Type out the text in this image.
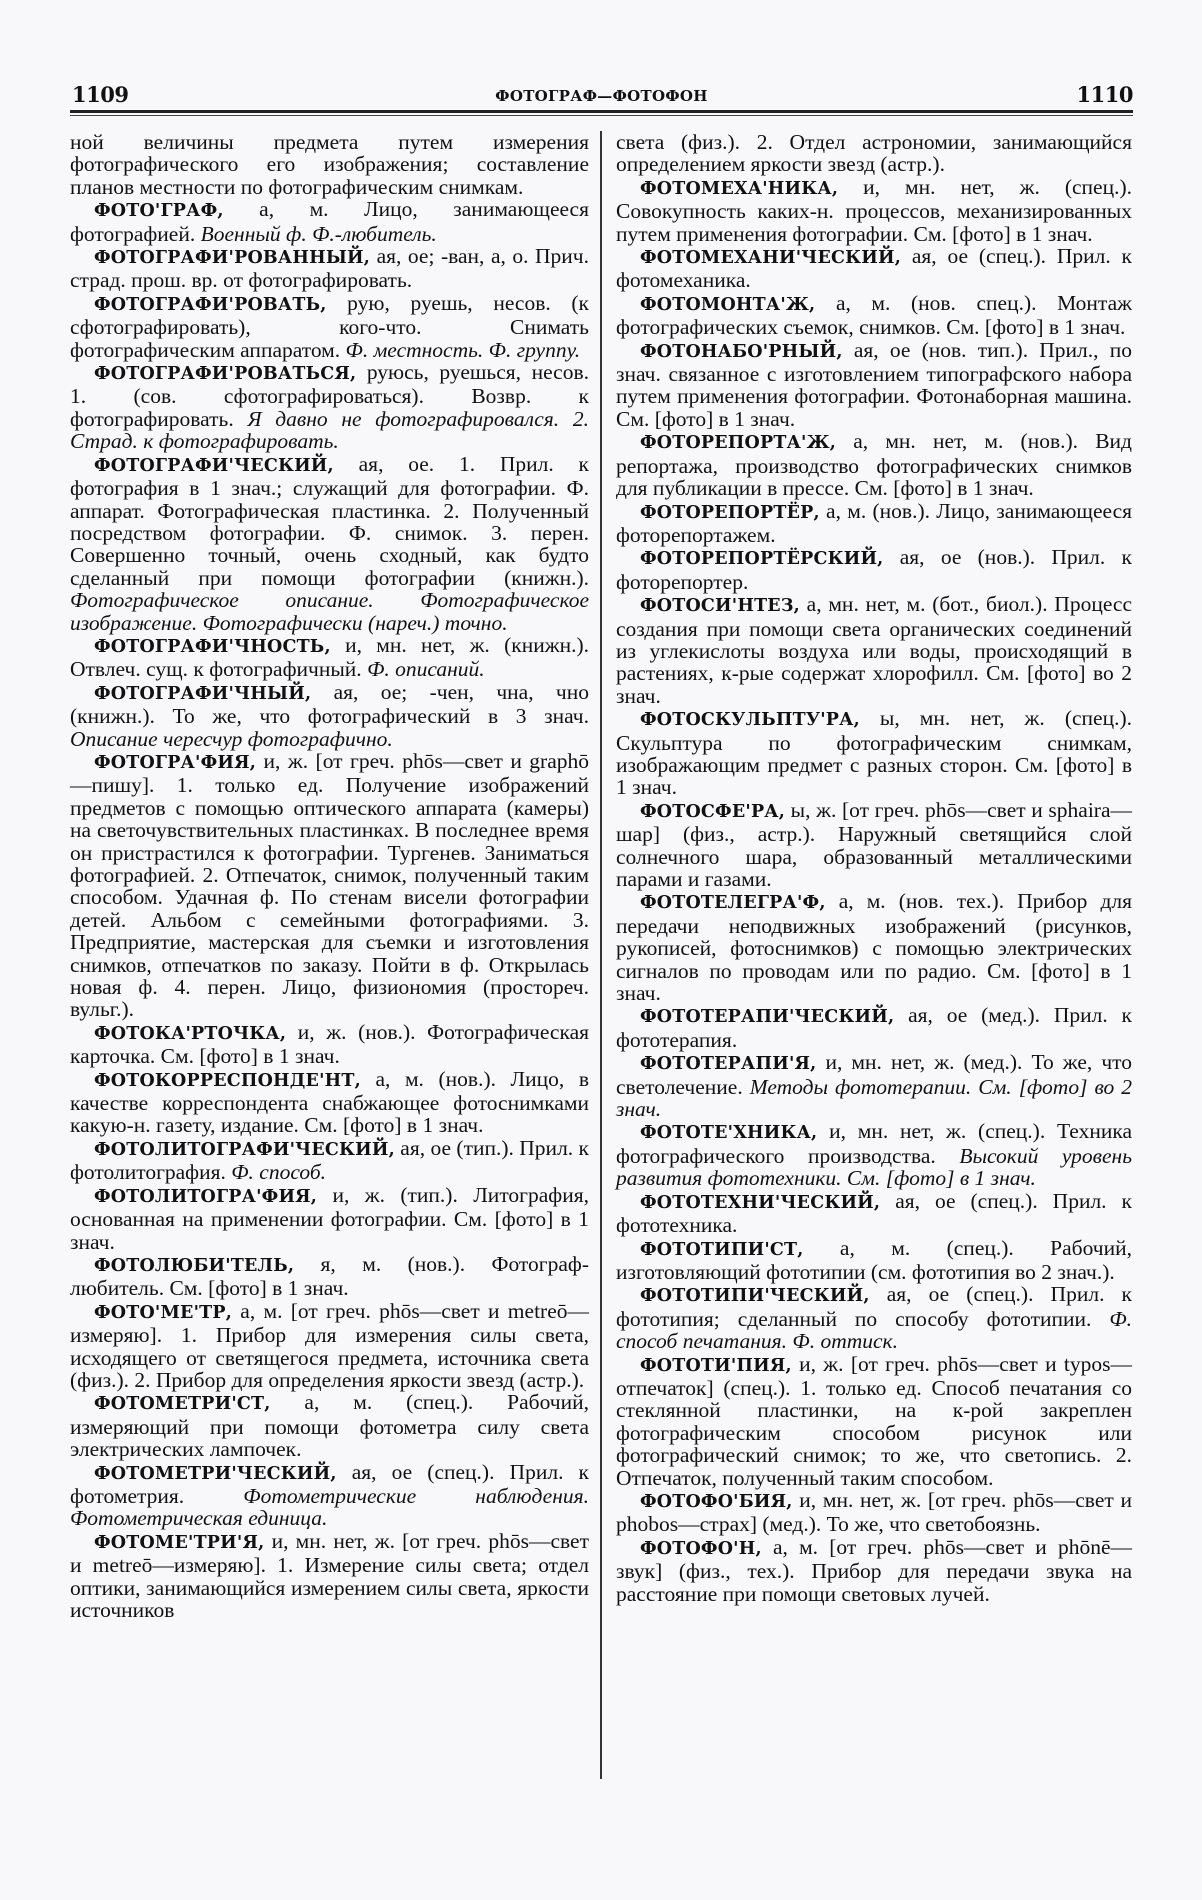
1109	ФОТОГРАФ—ФОТОФОН	1110

ной величины предмета путем измерения фотографического его изображения; составление планов местности по фотографическим снимкам.

ФОТО'ГРАФ, а, м. Лицо, занимающееся фотографией. Военный ф. Ф.-любитель.

ФОТОГРАФИ'РОВАННЫЙ, ая, ое; -ван, а, о. Прич. страд. прош. вр. от фотографировать.

ФОТОГРАФИ'РОВАТЬ, рую, руешь, несов. (к сфотографировать), кого-что. Снимать фотографическим аппаратом. Ф. местность. Ф. группу.

ФОТОГРАФИ'РОВАТЬСЯ, руюсь, руешься, несов. 1. (сов. сфотографироваться). Возвр. к фотографировать. Я давно не фотографировался. 2. Страд. к фотографировать.

ФОТОГРАФИ'ЧЕСКИЙ, ая, ое. 1. Прил. к фотография в 1 знач.; служащий для фотографии. Ф. аппарат. Фотографическая пластинка. 2. Полученный посредством фотографии. Ф. снимок. 3. перен. Совершенно точный, очень сходный, как будто сделанный при помощи фотографии (книжн.). Фотографическое описание. Фотографическое изображение. Фотографически (нареч.) точно.

ФОТОГРАФИ'ЧНОСТЬ, и, мн. нет, ж. (книжн.). Отвлеч. сущ. к фотографичный. Ф. описаний.

ФОТОГРАФИ'ЧНЫЙ, ая, ое; -чен, чна, чно (книжн.). То же, что фотографический в 3 знач. Описание чересчур фотографично.

ФОТОГРА'ФИЯ, и, ж. [от греч. phōs—свет и graphō—пишу]. 1. только ед. Получение изображений предметов с помощью оптического аппарата (камеры) на светочувствительных пластинках. В последнее время он пристрастился к фотографии. Тургенев. Заниматься фотографией. 2. Отпечаток, снимок, полученный таким способом. Удачная ф. По стенам висели фотографии детей. Альбом с семейными фотографиями. 3. Предприятие, мастерская для съемки и изготовления снимков, отпечатков по заказу. Пойти в ф. Открылась новая ф. 4. перен. Лицо, физиономия (простореч. вульг.).

ФОТОКА'РТОЧКА, и, ж. (нов.). Фотографическая карточка. См. [фото] в 1 знач.

ФОТОКОРРЕСПОНДЕ'НТ, а, м. (нов.). Лицо, в качестве корреспондента снабжающее фотоснимками какую-н. газету, издание. См. [фото] в 1 знач.

ФОТОЛИТОГРАФИ'ЧЕСКИЙ, ая, ое (тип.). Прил. к фотолитография. Ф. способ.

ФОТОЛИТОГРА'ФИЯ, и, ж. (тип.). Литография, основанная на применении фотографии. См. [фото] в 1 знач.

ФОТОЛЮБИ'ТЕЛЬ, я, м. (нов.). Фотограф-любитель. См. [фото] в 1 знач.

ФОТО'МЕ'ТР, а, м. [от греч. phōs—свет и metreō—измеряю]. 1. Прибор для измерения силы света, исходящего от светящегося предмета, источника света (физ.). 2. Прибор для определения яркости звезд (астр.).

ФОТОМЕТРИ'СТ, а, м. (спец.). Рабочий, измеряющий при помощи фотометра силу света электрических лампочек.

ФОТОМЕТРИ'ЧЕСКИЙ, ая, ое (спец.). Прил. к фотометрия. Фотометрические наблюдения. Фотометрическая единица.

ФОТОМЕ'ТРИ'Я, и, мн. нет, ж. [от греч. phōs—свет и metreō—измеряю]. 1. Измерение силы света; отдел оптики, занимающийся измерением силы света, яркости источников

света (физ.). 2. Отдел астрономии, занимающийся определением яркости звезд (астр.).

ФОТОМЕХА'НИКА, и, мн. нет, ж. (спец.). Совокупность каких-н. процессов, механизированных путем применения фотографии. См. [фото] в 1 знач.

ФОТОМЕХАНИ'ЧЕСКИЙ, ая, ое (спец.). Прил. к фотомеханика.

ФОТОМОНТА'Ж, а, м. (нов. спец.). Монтаж фотографических съемок, снимков. См. [фото] в 1 знач.

ФОТОНАБО'РНЫЙ, ая, ое (нов. тип.). Прил., по знач. связанное с изготовлением типографского набора путем применения фотографии. Фотонаборная машина. См. [фото] в 1 знач.

ФОТОРЕПОРТА'Ж, а, мн. нет, м. (нов.). Вид репортажа, производство фотографических снимков для публикации в прессе. См. [фото] в 1 знач.

ФОТОРЕПОРТЁР, а, м. (нов.). Лицо, занимающееся фоторепортажем.

ФОТОРЕПОРТЁРСКИЙ, ая, ое (нов.). Прил. к фоторепортер.

ФОТОСИ'НТЕЗ, а, мн. нет, м. (бот., биол.). Процесс создания при помощи света органических соединений из углекислоты воздуха или воды, происходящий в растениях, к-рые содержат хлорофилл. См. [фото] во 2 знач.

ФОТОСКУЛЬПТУ'РА, ы, мн. нет, ж. (спец.). Скульптура по фотографическим снимкам, изображающим предмет с разных сторон. См. [фото] в 1 знач.

ФОТОСФЕ'РА, ы, ж. [от греч. phōs—свет и sphaira—шар] (физ., астр.). Наружный светящийся слой солнечного шара, образованный металлическими парами и газами.

ФОТОТЕЛЕГРА'Ф, а, м. (нов. тех.). Прибор для передачи неподвижных изображений (рисунков, рукописей, фотоснимков) с помощью электрических сигналов по проводам или по радио. См. [фото] в 1 знач.

ФОТОТЕРАПИ'ЧЕСКИЙ, ая, ое (мед.). Прил. к фототерапия.

ФОТОТЕРАПИ'Я, и, мн. нет, ж. (мед.). То же, что светолечение. Методы фототерапии. См. [фото] во 2 знач.

ФОТОТЕ'ХНИКА, и, мн. нет, ж. (спец.). Техника фотографического производства. Высокий уровень развития фототехники. См. [фото] в 1 знач.

ФОТОТЕХНИ'ЧЕСКИЙ, ая, ое (спец.). Прил. к фототехника.

ФОТОТИПИ'СТ, а, м. (спец.). Рабочий, изготовляющий фототипии (см. фототипия во 2 знач.).

ФОТОТИПИ'ЧЕСКИЙ, ая, ое (спец.). Прил. к фототипия; сделанный по способу фототипии. Ф. способ печатания. Ф. оттиск.

ФОТОТИ'ПИЯ, и, ж. [от греч. phōs—свет и typos—отпечаток] (спец.). 1. только ед. Способ печатания со стеклянной пластинки, на к-рой закреплен фотографическим способом рисунок или фотографический снимок; то же, что светопись. 2. Отпечаток, полученный таким способом.

ФОТОФО'БИЯ, и, мн. нет, ж. [от греч. phōs—свет и phobos—страх] (мед.). То же, что светобоязнь.

ФОТОФО'Н, а, м. [от греч. phōs—свет и phōnē—звук] (физ., тех.). Прибор для передачи звука на расстояние при помощи световых лучей.
